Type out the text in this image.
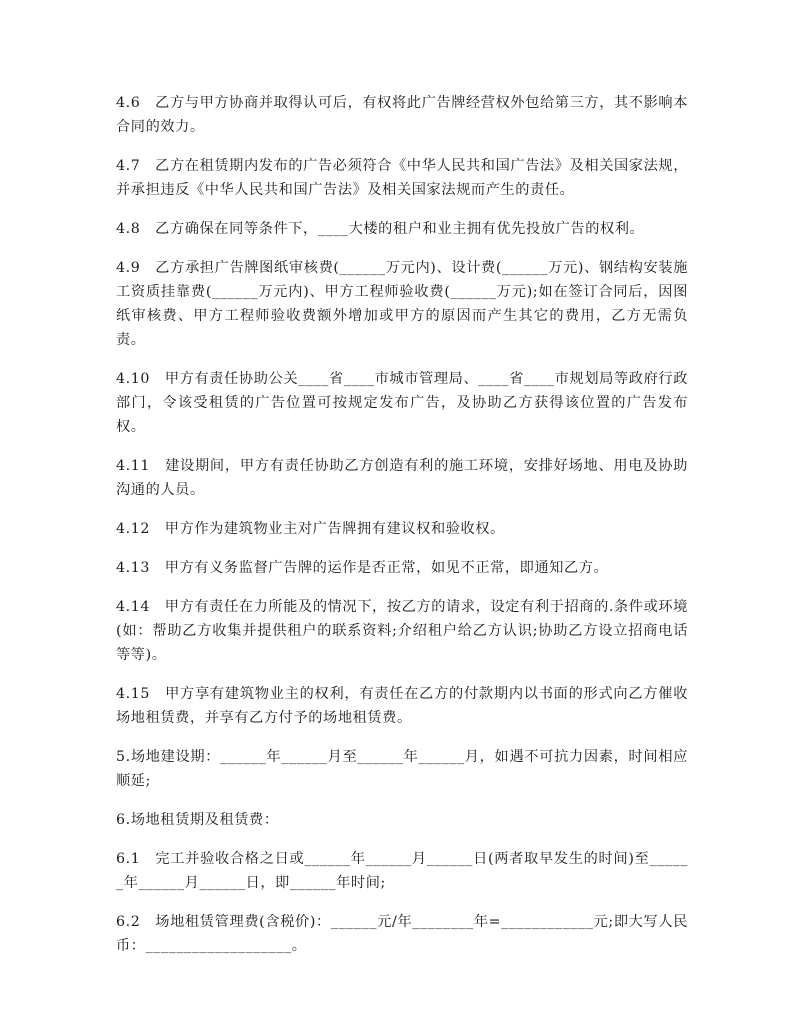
4.6　乙方与甲方协商并取得认可后，有权将此广告牌经营权外包给第三方，其不影响本合同的效力。

4.7　乙方在租赁期内发布的广告必须符合《中华人民共和国广告法》及相关国家法规，并承担违反《中华人民共和国广告法》及相关国家法规而产生的责任。

4.8　乙方确保在同等条件下，____大楼的租户和业主拥有优先投放广告的权利。

4.9　乙方承担广告牌图纸审核费(______万元内)、设计费(______万元)、钢结构安装施工资质挂靠费(______万元内)、甲方工程师验收费(______万元);如在签订合同后，因图纸审核费、甲方工程师验收费额外增加或甲方的原因而产生其它的费用，乙方无需负责。

4.10　甲方有责任协助公关____省____市城市管理局、____省____市规划局等政府行政部门，令该受租赁的广告位置可按规定发布广告，及协助乙方获得该位置的广告发布权。

4.11　建设期间，甲方有责任协助乙方创造有利的施工环境，安排好场地、用电及协助沟通的人员。

4.12　甲方作为建筑物业主对广告牌拥有建议权和验收权。

4.13　甲方有义务监督广告牌的运作是否正常，如见不正常，即通知乙方。

4.14　甲方有责任在力所能及的情况下，按乙方的请求，设定有利于招商的.条件或环境(如：帮助乙方收集并提供租户的联系资料;介绍租户给乙方认识;协助乙方设立招商电话等等)。

4.15　甲方享有建筑物业主的权利，有责任在乙方的付款期内以书面的形式向乙方催收场地租赁费，并享有乙方付予的场地租赁费。

5.场地建设期：______年______月至______年______月，如遇不可抗力因素，时间相应顺延;

6.场地租赁期及租赁费：

6.1　完工并验收合格之日或______年______月______日(两者取早发生的时间)至______年______月______日，即______年时间;

6.2　场地租赁管理费(含税价)：______元/年________年=____________元;即大写人民币：___________________。
